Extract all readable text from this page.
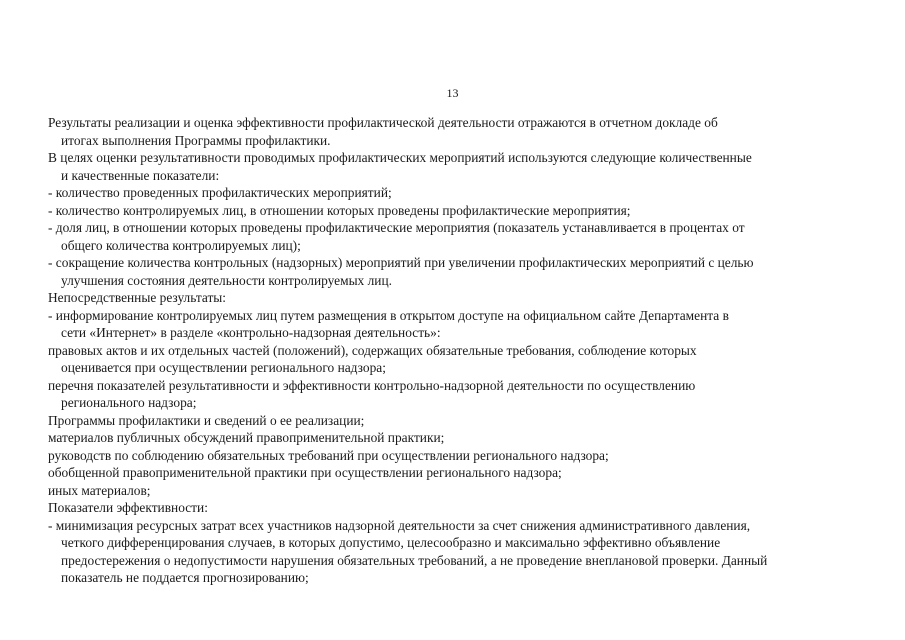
13
Результаты реализации и оценка эффективности профилактической деятельности отражаются в отчетном докладе об
итогах выполнения Программы профилактики.
В целях оценки результативности проводимых профилактических мероприятий используются следующие количественные
и качественные показатели:
- количество проведенных профилактических мероприятий;
- количество контролируемых лиц, в отношении которых проведены профилактические мероприятия;
- доля лиц, в отношении которых проведены профилактические мероприятия (показатель устанавливается в процентах от
общего количества контролируемых лиц);
- сокращение количества контрольных (надзорных) мероприятий при увеличении профилактических мероприятий с целью
улучшения состояния деятельности контролируемых лиц.
Непосредственные результаты:
- информирование контролируемых лиц путем размещения в открытом доступе на официальном сайте Департамента в
сети «Интернет» в разделе «контрольно-надзорная деятельность»:
правовых актов и их отдельных частей (положений), содержащих обязательные требования, соблюдение которых
оценивается при осуществлении регионального надзора;
перечня показателей результативности и эффективности контрольно-надзорной деятельности по осуществлению
регионального надзора;
Программы профилактики и сведений о ее реализации;
материалов публичных обсуждений правоприменительной практики;
руководств по соблюдению обязательных требований при осуществлении регионального надзора;
обобщенной правоприменительной практики при осуществлении регионального надзора;
иных материалов;
Показатели эффективности:
- минимизация ресурсных затрат всех участников надзорной деятельности за счет снижения административного давления,
четкого дифференцирования случаев, в которых допустимо, целесообразно и максимально эффективно объявление
предостережения о недопустимости нарушения обязательных требований, а не проведение внеплановой проверки. Данный
показатель не поддается прогнозированию;
